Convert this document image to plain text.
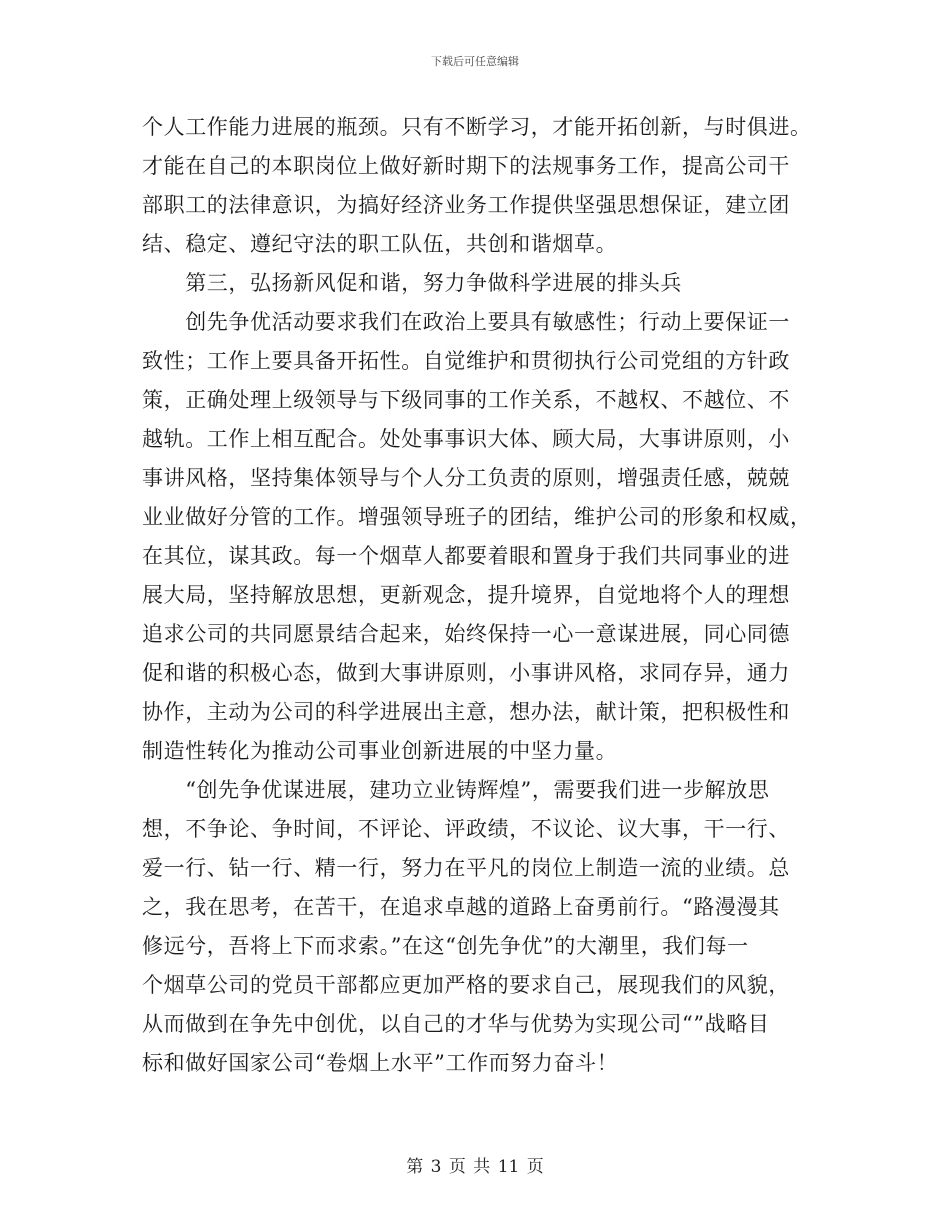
下载后可任意编辑
个人工作能力进展的瓶颈。只有不断学习，才能开拓创新，与时俱进。
才能在自己的本职岗位上做好新时期下的法规事务工作，提高公司干
部职工的法律意识，为搞好经济业务工作提供坚强思想保证，建立团
结、稳定、遵纪守法的职工队伍，共创和谐烟草。
　　第三，弘扬新风促和谐，努力争做科学进展的排头兵
　　创先争优活动要求我们在政治上要具有敏感性；行动上要保证一
致性；工作上要具备开拓性。自觉维护和贯彻执行公司党组的方针政
策，正确处理上级领导与下级同事的工作关系，不越权、不越位、不
越轨。工作上相互配合。处处事事识大体、顾大局，大事讲原则，小
事讲风格，坚持集体领导与个人分工负责的原则，增强责任感，兢兢
业业做好分管的工作。增强领导班子的团结，维护公司的形象和权威，
在其位，谋其政。每一个烟草人都要着眼和置身于我们共同事业的进
展大局，坚持解放思想，更新观念，提升境界，自觉地将个人的理想
追求公司的共同愿景结合起来，始终保持一心一意谋进展，同心同德
促和谐的积极心态，做到大事讲原则，小事讲风格，求同存异，通力
协作，主动为公司的科学进展出主意，想办法，献计策，把积极性和
制造性转化为推动公司事业创新进展的中坚力量。
　　“创先争优谋进展，建功立业铸辉煌”，需要我们进一步解放思
想，不争论、争时间，不评论、评政绩，不议论、议大事，干一行、
爱一行、钻一行、精一行，努力在平凡的岗位上制造一流的业绩。总
之，我在思考，在苦干，在追求卓越的道路上奋勇前行。“路漫漫其
修远兮，吾将上下而求索。”在这“创先争优”的大潮里，我们每一
个烟草公司的党员干部都应更加严格的要求自己，展现我们的风貌，
从而做到在争先中创优，以自己的才华与优势为实现公司“”战略目
标和做好国家公司“卷烟上水平”工作而努力奋斗！
第 3 页 共 11 页
